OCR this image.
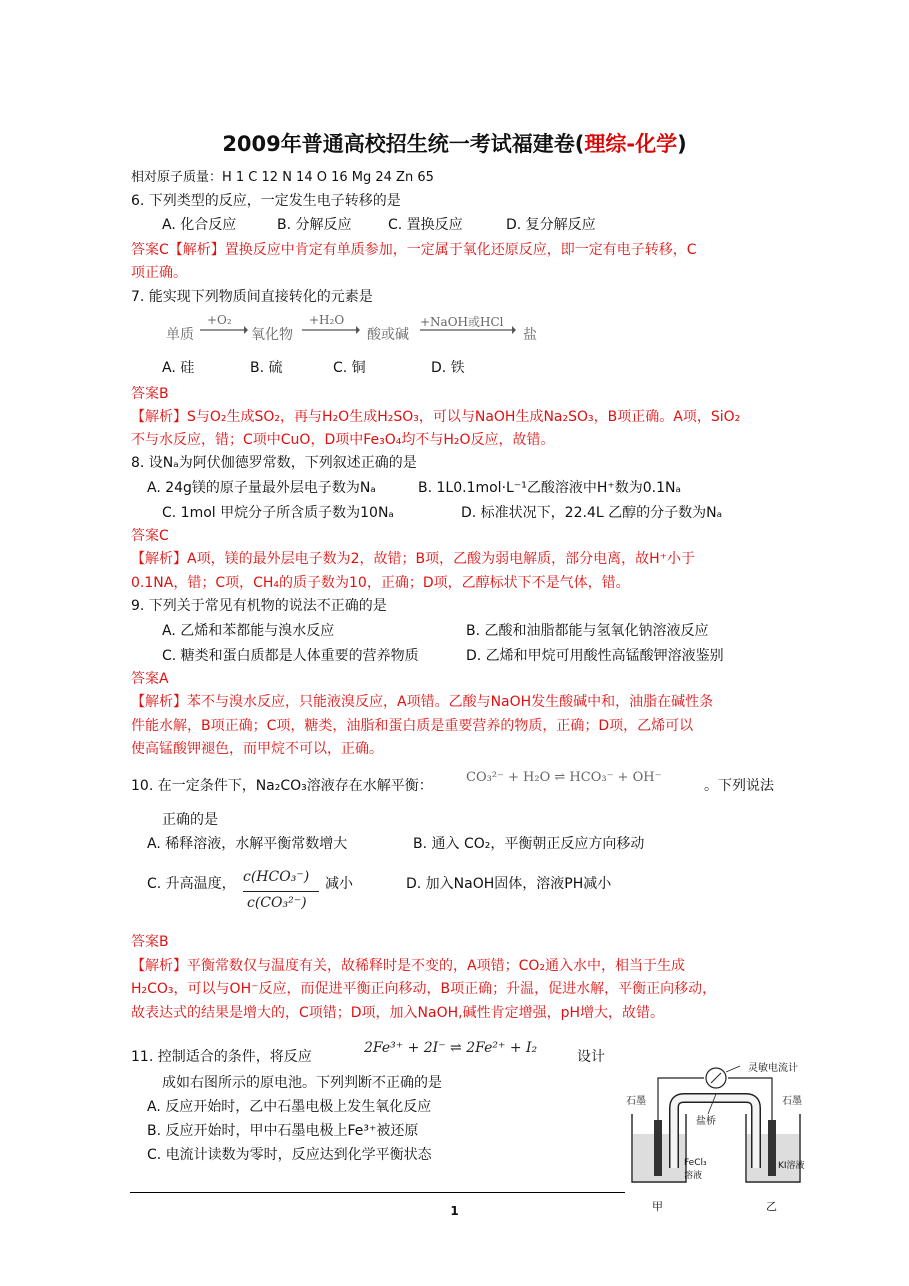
2009年普通高校招生统一考试福建卷(理综-化学)
相对原子质量：H 1 C 12 N 14 O 16 Mg 24 Zn 65
6. 下列类型的反应，一定发生电子转移的是
A. 化合反应	B. 分解反应	C. 置换反应	D. 复分解反应
答案C【解析】置换反应中肯定有单质参加，一定属于氧化还原反应，即一定有电子转移，C
项正确。
7. 能实现下列物质间直接转化的元素是
单质
+O₂
氧化物
+H₂O
酸或碱
+NaOH或HCl
盐
A. 硅	B. 硫	C. 铜	D. 铁
答案B
【解析】S与O₂生成SO₂，再与H₂O生成H₂SO₃，可以与NaOH生成Na₂SO₃，B项正确。A项，SiO₂
不与水反应，错；C项中CuO，D项中Fe₃O₄均不与H₂O反应，故错。
8. 设Nₐ为阿伏伽德罗常数，下列叙述正确的是
A. 24g镁的原子量最外层电子数为Nₐ	B. 1L0.1mol·L⁻¹乙酸溶液中H⁺数为0.1Nₐ
C. 1mol 甲烷分子所含质子数为10Nₐ	D. 标准状况下，22.4L 乙醇的分子数为Nₐ
答案C
【解析】A项，镁的最外层电子数为2，故错；B项，乙酸为弱电解质，部分电离，故H⁺小于
0.1NA，错；C项，CH₄的质子数为10，正确；D项，乙醇标状下不是气体，错。
9. 下列关于常见有机物的说法不正确的是
A. 乙烯和苯都能与溴水反应	B. 乙酸和油脂都能与氢氧化钠溶液反应
C. 糖类和蛋白质都是人体重要的营养物质	D. 乙烯和甲烷可用酸性高锰酸钾溶液鉴别
答案A
【解析】苯不与溴水反应，只能液溴反应，A项错。乙酸与NaOH发生酸碱中和，油脂在碱性条
件能水解，B项正确；C项，糖类，油脂和蛋白质是重要营养的物质，正确；D项，乙烯可以
使高锰酸钾褪色，而甲烷不可以，正确。
10. 在一定条件下，Na₂CO₃溶液存在水解平衡：
CO₃²⁻ + H₂O ⇌ HCO₃⁻ + OH⁻
。下列说法
正确的是
A. 稀释溶液，水解平衡常数增大	B. 通入 CO₂，平衡朝正反应方向移动
C. 升高温度， c(HCO₃⁻)
c(CO₃²⁻)
减小	D. 加入NaOH固体，溶液PH减小
答案B
【解析】平衡常数仅与温度有关，故稀释时是不变的，A项错；CO₂通入水中，相当于生成
H₂CO₃，可以与OH⁻反应，而促进平衡正向移动，B项正确；升温，促进水解，平衡正向移动，
故表达式的结果是增大的，C项错；D项，加入NaOH,碱性肯定增强，pH增大，故错。
11. 控制适合的条件，将反应
2Fe³⁺ + 2I⁻ ⇌ 2Fe²⁺ + I₂
设计
成如右图所示的原电池。下列判断不正确的是
A. 反应开始时，乙中石墨电极上发生氧化反应
B. 反应开始时，甲中石墨电极上Fe³⁺被还原
C. 电流计读数为零时，反应达到化学平衡状态
灵敏电流计
石墨	石墨
盐桥
FeCl₃溶液
KI溶液
甲	乙
1
